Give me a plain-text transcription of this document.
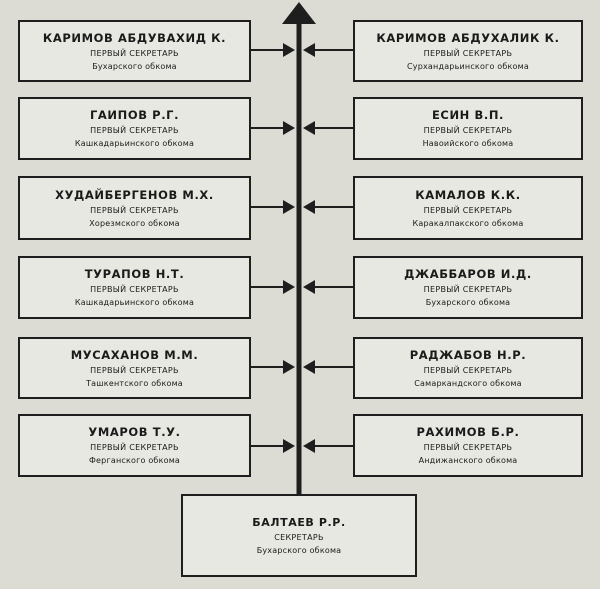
КАРИМОВ АБДУВАХИД К.
ПЕРВЫЙ СЕКРЕТАРЬ
Бухарского обкома
ГАИПОВ Р.Г.
ПЕРВЫЙ СЕКРЕТАРЬ
Кашкадарьинского обкома
ХУДАЙБЕРГЕНОВ М.Х.
ПЕРВЫЙ СЕКРЕТАРЬ
Хорезмского обкома
ТУРАПОВ Н.Т.
ПЕРВЫЙ СЕКРЕТАРЬ
Кашкадарьинского обкома
МУСАХАНОВ М.М.
ПЕРВЫЙ СЕКРЕТАРЬ
Ташкентского обкома
УМАРОВ Т.У.
ПЕРВЫЙ СЕКРЕТАРЬ
Ферганского обкома
КАРИМОВ АБДУХАЛИК К.
ПЕРВЫЙ СЕКРЕТАРЬ
Сурхандарьинского обкома
ЕСИН В.П.
ПЕРВЫЙ СЕКРЕТАРЬ
Навоийского обкома
КАМАЛОВ К.К.
ПЕРВЫЙ СЕКРЕТАРЬ
Каракалпакского обкома
ДЖАББАРОВ И.Д.
ПЕРВЫЙ СЕКРЕТАРЬ
Бухарского обкома
РАДЖАБОВ Н.Р.
ПЕРВЫЙ СЕКРЕТАРЬ
Самаркандского обкома
РАХИМОВ Б.Р.
ПЕРВЫЙ СЕКРЕТАРЬ
Андижанского обкома
БАЛТАЕВ Р.Р.
СЕКРЕТАРЬ
Бухарского обкома
